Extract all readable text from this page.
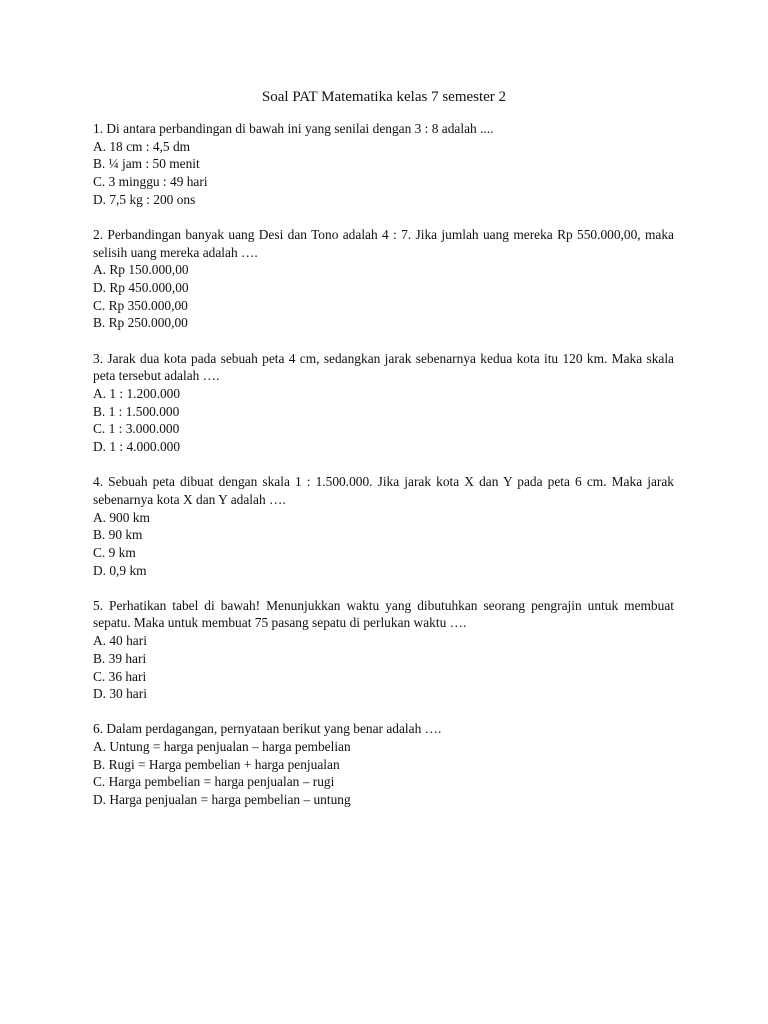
Soal PAT Matematika kelas 7 semester 2
1. Di antara perbandingan di bawah ini yang senilai dengan 3 : 8 adalah ....
A. 18 cm : 4,5 dm
B. ¼ jam : 50 menit
C. 3 minggu : 49 hari
D. 7,5 kg : 200 ons
2. Perbandingan banyak uang Desi dan Tono adalah 4 : 7. Jika jumlah uang mereka Rp 550.000,00, maka selisih uang mereka adalah ….
A. Rp 150.000,00
D. Rp 450.000,00
C. Rp 350.000,00
B. Rp 250.000,00
3. Jarak dua kota pada sebuah peta 4 cm, sedangkan jarak sebenarnya kedua kota itu 120 km. Maka skala peta tersebut adalah ….
A. 1 : 1.200.000
B. 1 : 1.500.000
C. 1 : 3.000.000
D. 1 : 4.000.000
4. Sebuah peta dibuat dengan skala 1 : 1.500.000. Jika jarak kota X dan Y pada peta 6 cm. Maka jarak sebenarnya kota X dan Y adalah ….
A. 900 km
B. 90 km
C. 9 km
D. 0,9 km
5. Perhatikan tabel di bawah! Menunjukkan waktu yang dibutuhkan seorang pengrajin untuk membuat sepatu. Maka untuk membuat 75 pasang sepatu di perlukan waktu ….
A. 40 hari
B. 39 hari
C. 36 hari
D. 30 hari
6. Dalam perdagangan, pernyataan berikut yang benar adalah ….
A. Untung = harga penjualan – harga pembelian
B. Rugi = Harga pembelian + harga penjualan
C. Harga pembelian = harga penjualan – rugi
D. Harga penjualan = harga pembelian – untung
